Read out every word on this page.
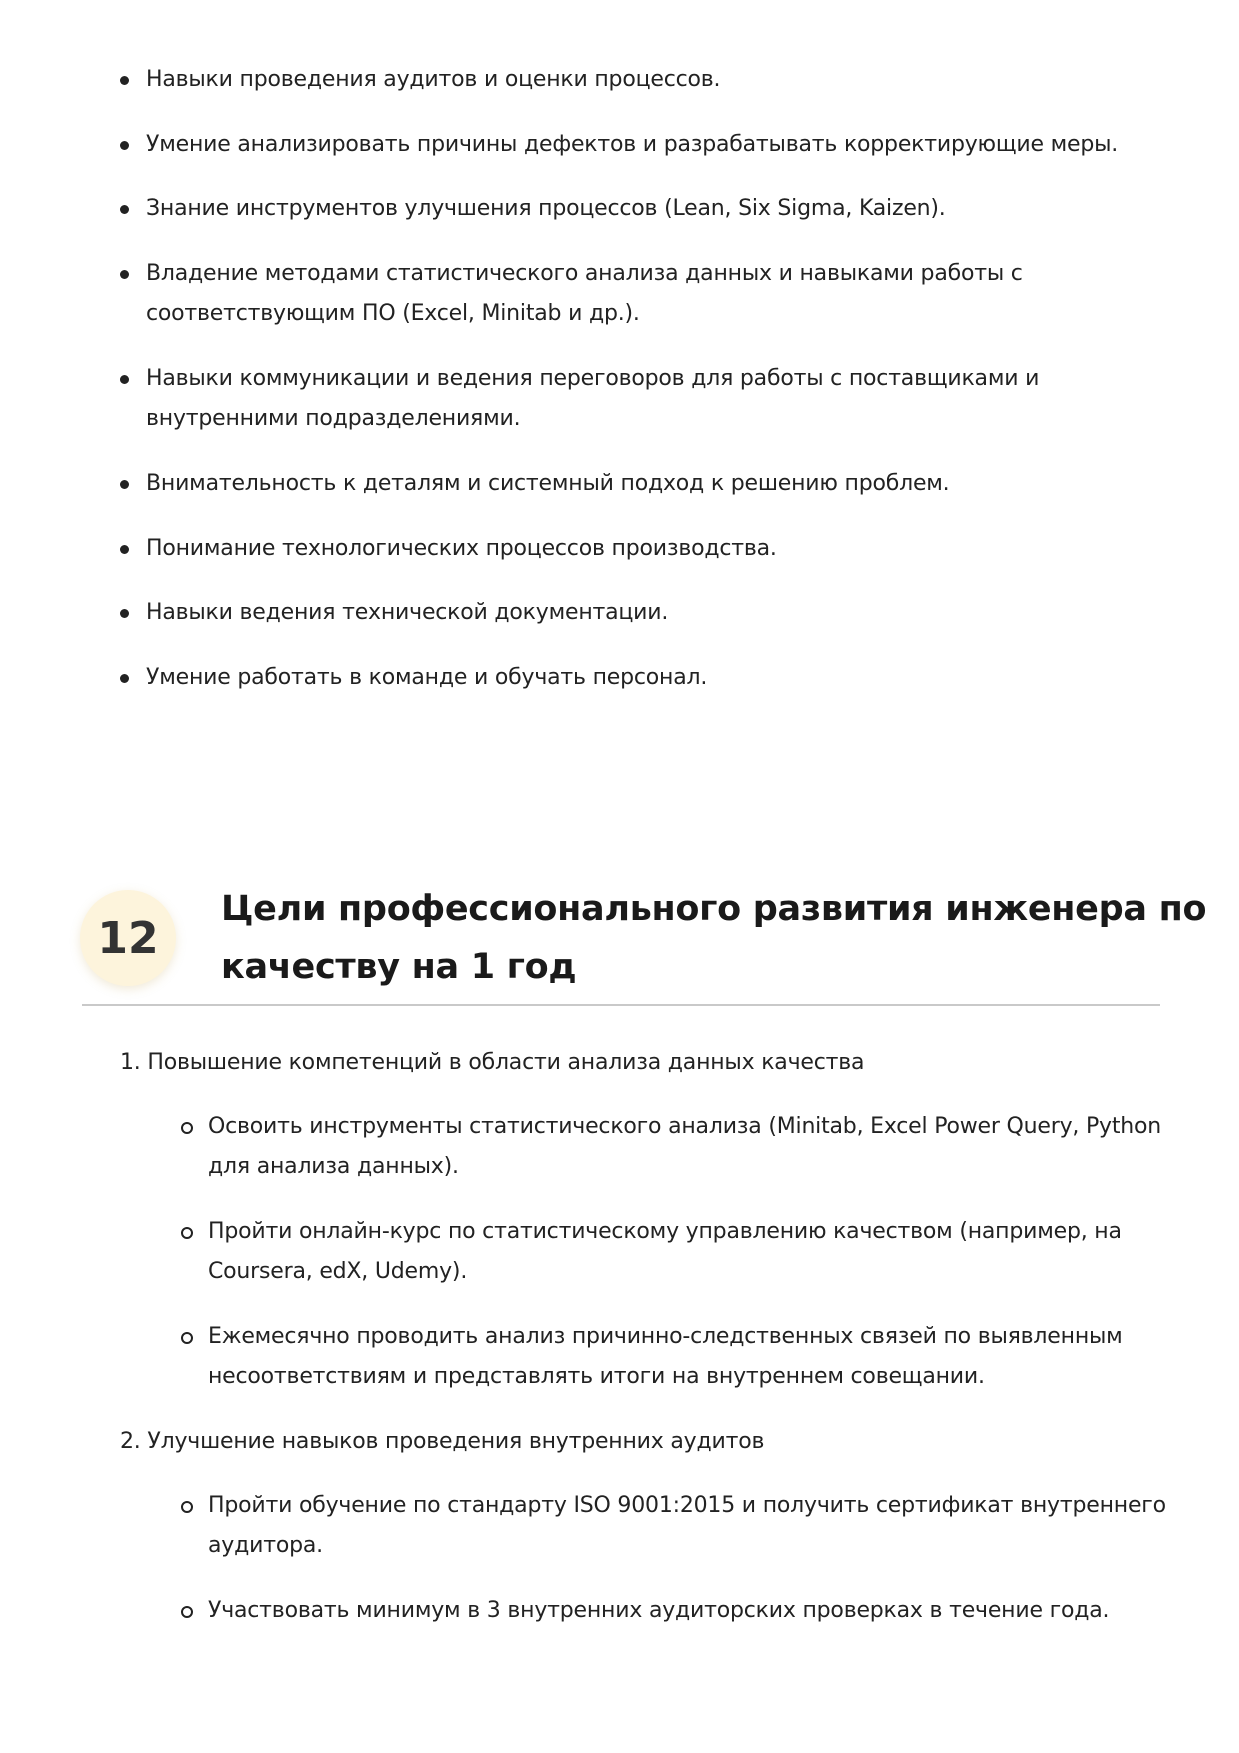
Навыки проведения аудитов и оценки процессов.
Умение анализировать причины дефектов и разрабатывать корректирующие меры.
Знание инструментов улучшения процессов (Lean, Six Sigma, Kaizen).
Владение методами статистического анализа данных и навыками работы с
соответствующим ПО (Excel, Minitab и др.).
Навыки коммуникации и ведения переговоров для работы с поставщиками и
внутренними подразделениями.
Внимательность к деталям и системный подход к решению проблем.
Понимание технологических процессов производства.
Навыки ведения технической документации.
Умение работать в команде и обучать персонал.
12
Цели профессионального развития инженера по
качеству на 1 год
1. Повышение компетенций в области анализа данных качества
Освоить инструменты статистического анализа (Minitab, Excel Power Query, Python
для анализа данных).
Пройти онлайн-курс по статистическому управлению качеством (например, на
Coursera, edX, Udemy).
Ежемесячно проводить анализ причинно-следственных связей по выявленным
несоответствиям и представлять итоги на внутреннем совещании.
2. Улучшение навыков проведения внутренних аудитов
Пройти обучение по стандарту ISO 9001:2015 и получить сертификат внутреннего
аудитора.
Участвовать минимум в 3 внутренних аудиторских проверках в течение года.
